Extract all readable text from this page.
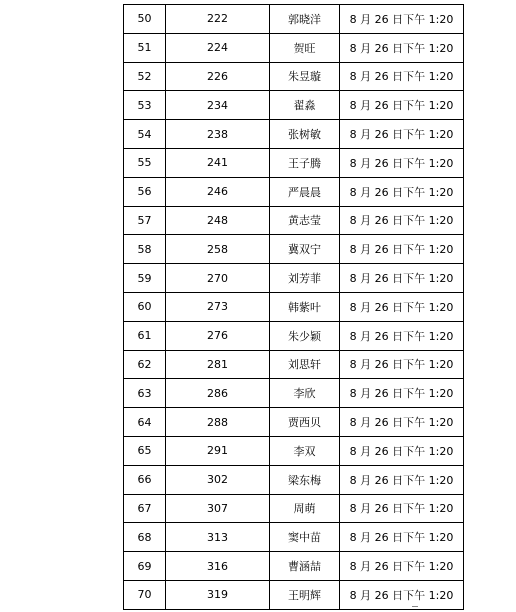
50	222	郭晓洋	8 月 26 日下午 1:20
51	224	贺旺	8 月 26 日下午 1:20
52	226	朱昱璇	8 月 26 日下午 1:20
53	234	翟淼	8 月 26 日下午 1:20
54	238	张树敏	8 月 26 日下午 1:20
55	241	王子腾	8 月 26 日下午 1:20
56	246	严晨晨	8 月 26 日下午 1:20
57	248	黄志莹	8 月 26 日下午 1:20
58	258	冀双宁	8 月 26 日下午 1:20
59	270	刘芳菲	8 月 26 日下午 1:20
60	273	韩紫叶	8 月 26 日下午 1:20
61	276	朱少颖	8 月 26 日下午 1:20
62	281	刘思轩	8 月 26 日下午 1:20
63	286	李欣	8 月 26 日下午 1:20
64	288	贾西贝	8 月 26 日下午 1:20
65	291	李双	8 月 26 日下午 1:20
66	302	梁东梅	8 月 26 日下午 1:20
67	307	周萌	8 月 26 日下午 1:20
68	313	窦中苗	8 月 26 日下午 1:20
69	316	曹涵喆	8 月 26 日下午 1:20
70	319	王明辉	8 月 26 日下午 1:20
